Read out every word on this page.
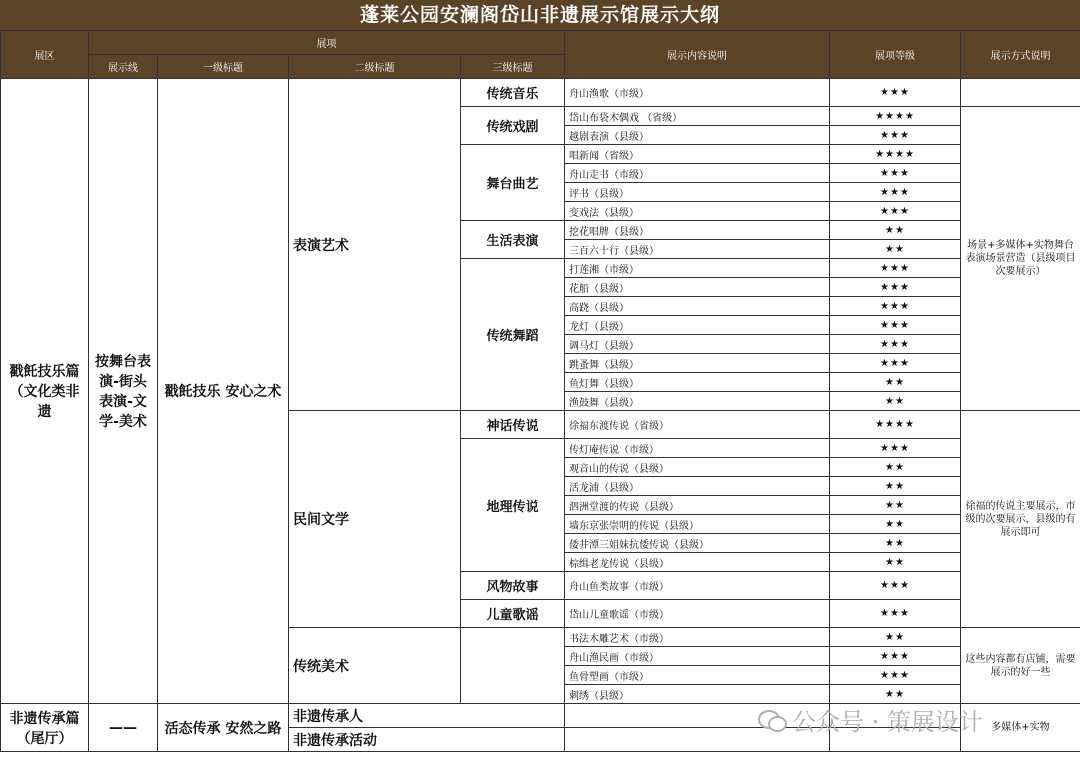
蓬莱公园安澜阁岱山非遗展示馆展示大纲
展区	展项				展示内容说明	展项等级	展示方式说明
	展示线	一级标题	二级标题	三级标题			
戳飥技乐篇（文化类非遗	按舞台表演-街头表演-文学-美术	戳飥技乐 安心之术	表演艺术	传统音乐	舟山渔歌（市级）	★★★	
				传统戏剧	岱山布袋木偶戏 （省级）	★★★★	场景+多媒体+实物舞台表演场景营造（县级项目次要展示）
					越剧表演（县级）	★★★	
				舞台曲艺	唱新闻（省级）	★★★★	
					舟山走书（市级）	★★★	
					评书（县级）	★★★	
					变戏法（县级）	★★★	
				生活表演	挖花唱牌（县级）	★★	
					三百六十行（县级）	★★	
				传统舞蹈	打莲湘（市级）	★★★	
					花船（县级）	★★★	
					高跷（县级）	★★★	
					龙灯（县级）	★★★	
					调马灯（县级）	★★★	
					跳蚤舞（县级）	★★★	
					鱼灯舞（县级）	★★	
					渔鼓舞（县级）	★★	
			民间文学	神话传说	徐福东渡传说（省级）	★★★★	徐福的传说主要展示，市级的次要展示，县级的有展示即可
				地理传说	传灯庵传说（市级）	★★★	
					观音山的传说（县级）	★★	
					活龙浦（县级）	★★	
					泗洲堂渡的传说（县级）	★★	
					墙东京张崇明的传说（县级）	★★	
					倭井潭三姐妹抗倭传说（县级）	★★	
					棕缉老龙传说（县级）	★★	
				风物故事	舟山鱼类故事（市级）	★★★	
				儿童歌谣	岱山儿童歌谣（市级）	★★★	
			传统美术		书法木雕艺术（市级）	★★	这些内容都有店铺，需要展示的好一些
					舟山渔民画（市级）	★★★	
					鱼骨塑画（市级）	★★★	
					刺绣（县级）	★★	
非遗传承篇（尾厅）	——	活态传承 安然之路	非遗传承人				多媒体+实物
			非遗传承活动				
公众号 · 策展设计
